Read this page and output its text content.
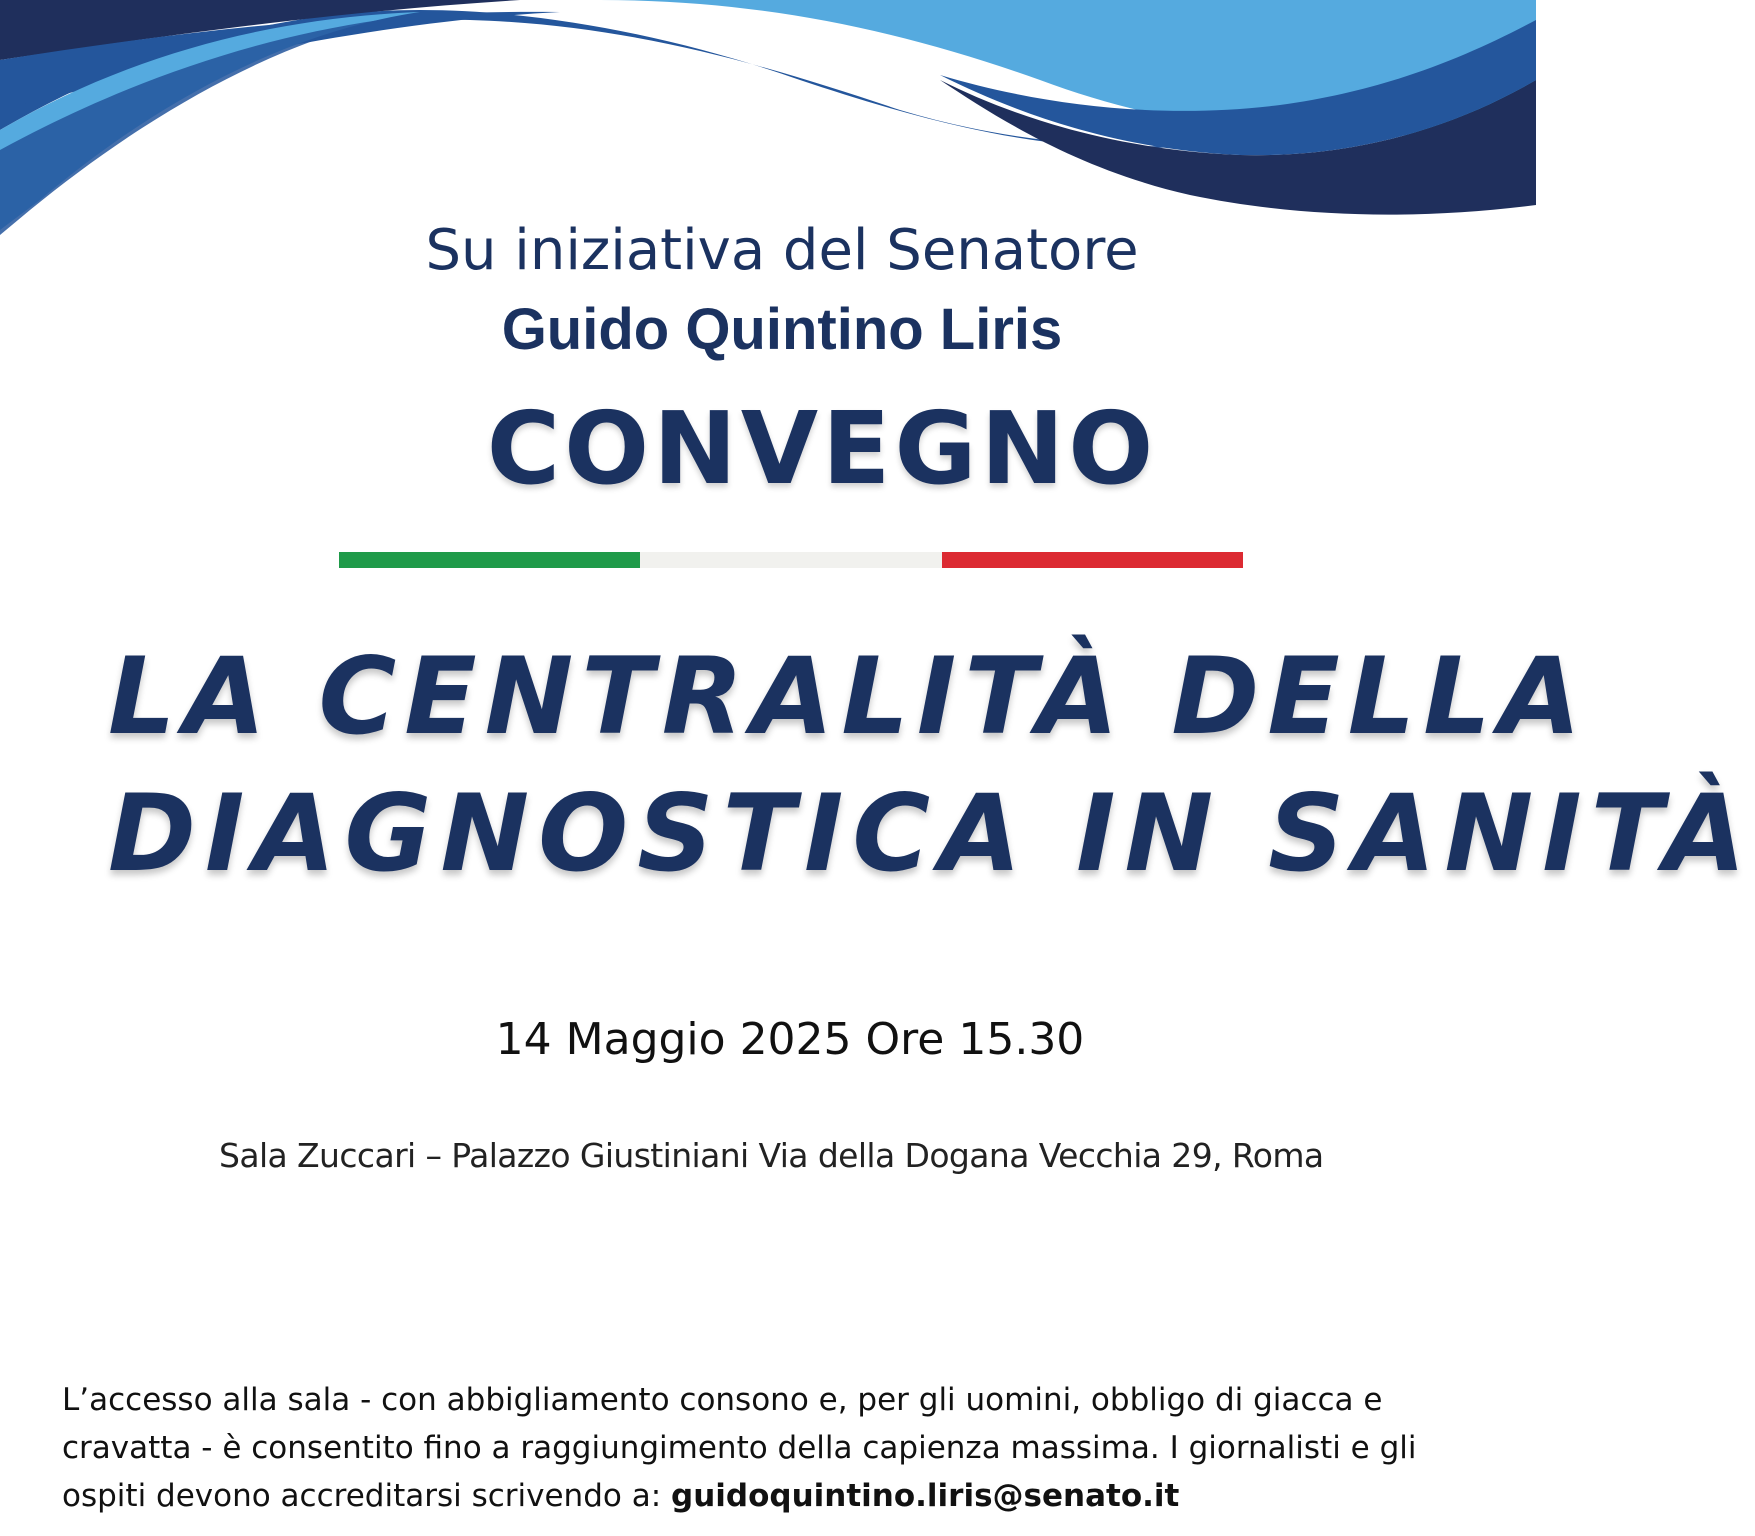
Su iniziativa del Senatore
Guido Quintino Liris
CONVEGNO
LA CENTRALITÀ DELLA
DIAGNOSTICA IN SANITÀ
14 Maggio 2025 Ore 15.30
Sala Zuccari – Palazzo Giustiniani Via della Dogana Vecchia 29, Roma
L’accesso alla sala - con abbigliamento consono e, per gli uomini, obbligo di giacca e cravatta - è consentito fino a raggiungimento della capienza massima. I giornalisti e gli ospiti devono accreditarsi scrivendo a: guidoquintino.liris@senato.it
